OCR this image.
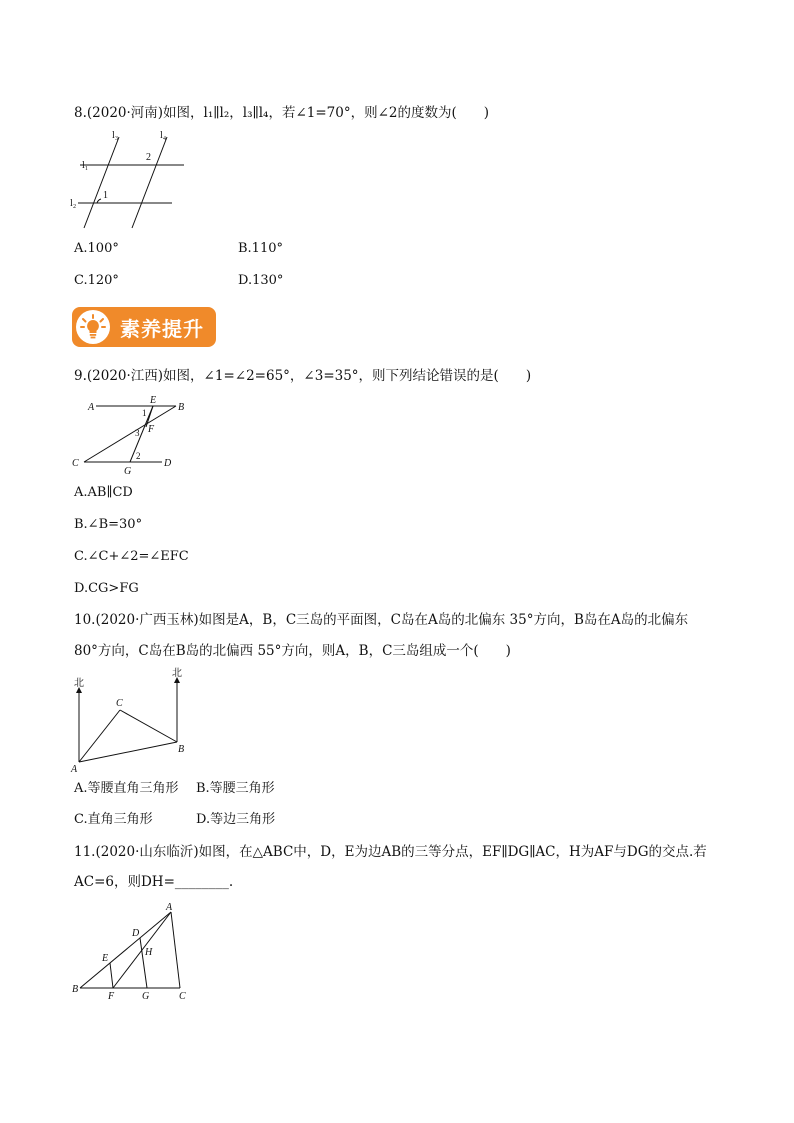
8.(2020·河南)如图，l₁∥l₂，l₃∥l₄，若∠1=70°，则∠2的度数为(　　)
l₃	l₄
l₁
l₂
2
1
A.100°	B.110°
C.120°	D.130°
素养提升
9.(2020·江西)如图，∠1=∠2=65°，∠3=35°，则下列结论错误的是(　　)
A
E
B
F
C
G
D
1
3
2
A.AB∥CD
B.∠B=30°
C.∠C+∠2=∠EFC
D.CG>FG
10.(2020·广西玉林)如图是A，B，C三岛的平面图，C岛在A岛的北偏东 35°方向，B岛在A岛的北偏东
80°方向，C岛在B岛的北偏西 55°方向，则A，B，C三岛组成一个(　　)
北
北
C
B
A
A.等腰直角三角形 B.等腰三角形
C.直角三角形	D.等边三角形
11.(2020·山东临沂)如图，在△ABC中，D，E为边AB的三等分点，EF∥DG∥AC，H为AF与DG的交点.若
AC=6，则DH=________.
A
D
H
E
B
F	G	C
